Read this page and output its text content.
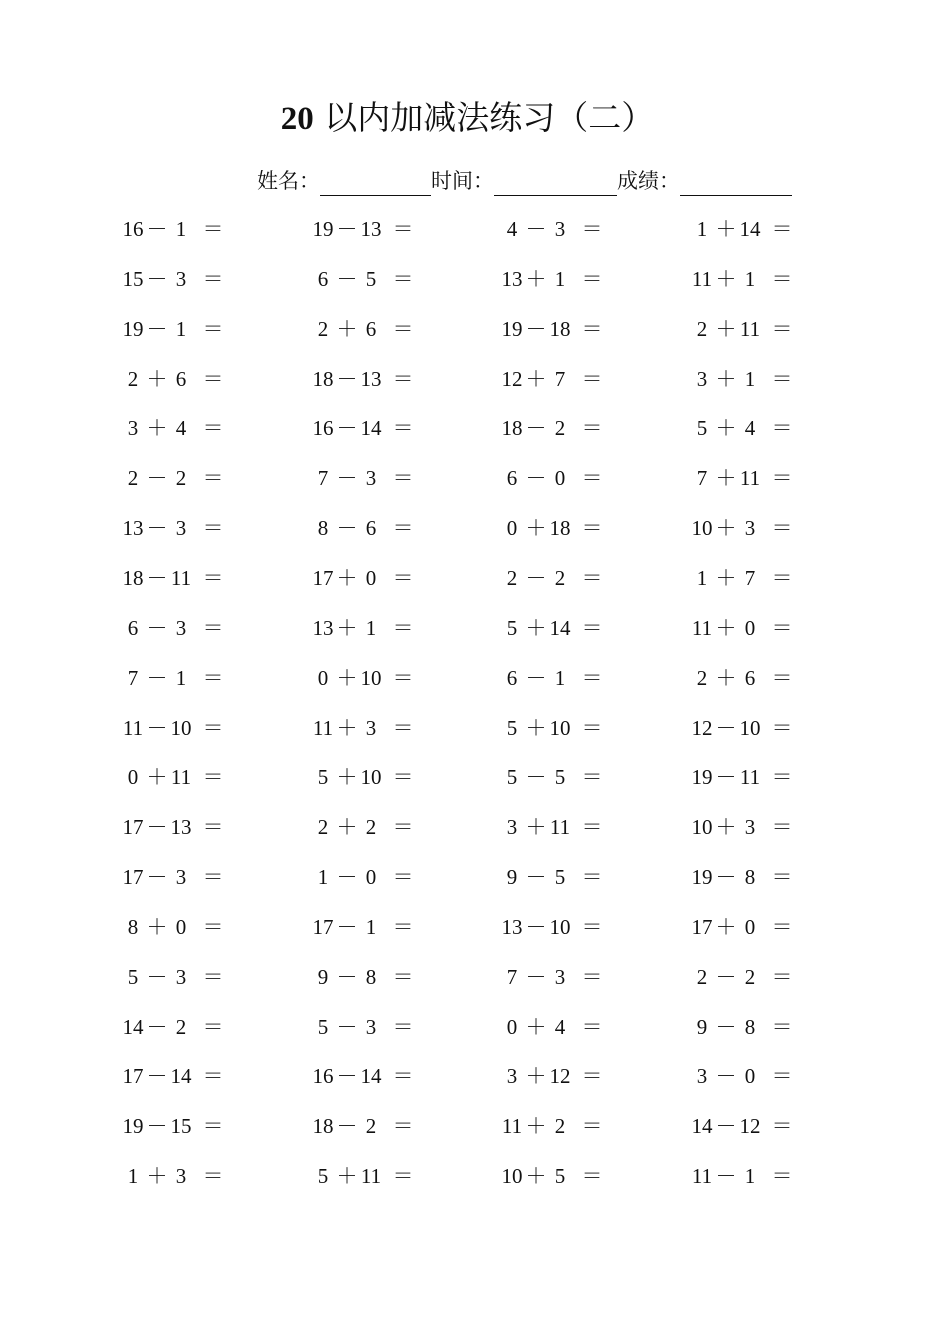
20 以内加减法练习（二）
姓名：	时间：	成绩：
16 － 1 ＝	19 － 13 ＝	4 － 3 ＝	1 ＋ 14 ＝
15 － 3 ＝	6 － 5 ＝	13 ＋ 1 ＝	11 ＋ 1 ＝
19 － 1 ＝	2 ＋ 6 ＝	19 － 18 ＝	2 ＋ 11 ＝
2 ＋ 6 ＝	18 － 13 ＝	12 ＋ 7 ＝	3 ＋ 1 ＝
3 ＋ 4 ＝	16 － 14 ＝	18 － 2 ＝	5 ＋ 4 ＝
2 － 2 ＝	7 － 3 ＝	6 － 0 ＝	7 ＋ 11 ＝
13 － 3 ＝	8 － 6 ＝	0 ＋ 18 ＝	10 ＋ 3 ＝
18 － 11 ＝	17 ＋ 0 ＝	2 － 2 ＝	1 ＋ 7 ＝
6 － 3 ＝	13 ＋ 1 ＝	5 ＋ 14 ＝	11 ＋ 0 ＝
7 － 1 ＝	0 ＋ 10 ＝	6 － 1 ＝	2 ＋ 6 ＝
11 － 10 ＝	11 ＋ 3 ＝	5 ＋ 10 ＝	12 － 10 ＝
0 ＋ 11 ＝	5 ＋ 10 ＝	5 － 5 ＝	19 － 11 ＝
17 － 13 ＝	2 ＋ 2 ＝	3 ＋ 11 ＝	10 ＋ 3 ＝
17 － 3 ＝	1 － 0 ＝	9 － 5 ＝	19 － 8 ＝
8 ＋ 0 ＝	17 － 1 ＝	13 － 10 ＝	17 ＋ 0 ＝
5 － 3 ＝	9 － 8 ＝	7 － 3 ＝	2 － 2 ＝
14 － 2 ＝	5 － 3 ＝	0 ＋ 4 ＝	9 － 8 ＝
17 － 14 ＝	16 － 14 ＝	3 ＋ 12 ＝	3 － 0 ＝
19 － 15 ＝	18 － 2 ＝	11 ＋ 2 ＝	14 － 12 ＝
1 ＋ 3 ＝	5 ＋ 11 ＝	10 ＋ 5 ＝	11 － 1 ＝
